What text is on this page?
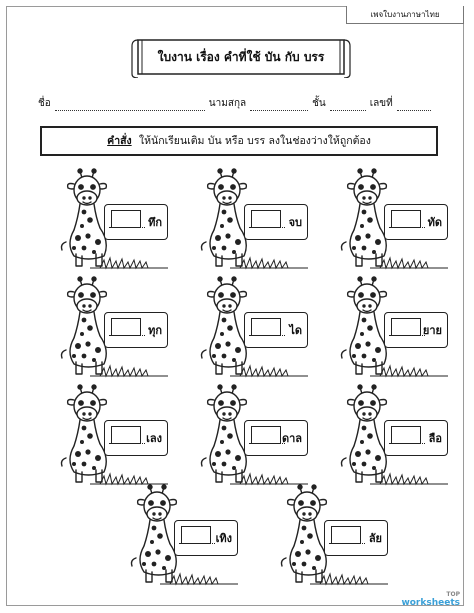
เพจใบงานภาษาไทย
ใบงาน เรื่อง คำที่ใช้ บัน กับ บรร
ชื่อ	นามสกุล	ชั้น	เลขที่
คำสั่ง ให้นักเรียนเติม บัน หรือ บรร ลงในช่องว่างให้ถูกต้อง
ทึก	จบ	ทัด
ทุก	ได	ยาย
เลง	ดาล	ลือ
เทิง	ลัย
TOP
worksheets
